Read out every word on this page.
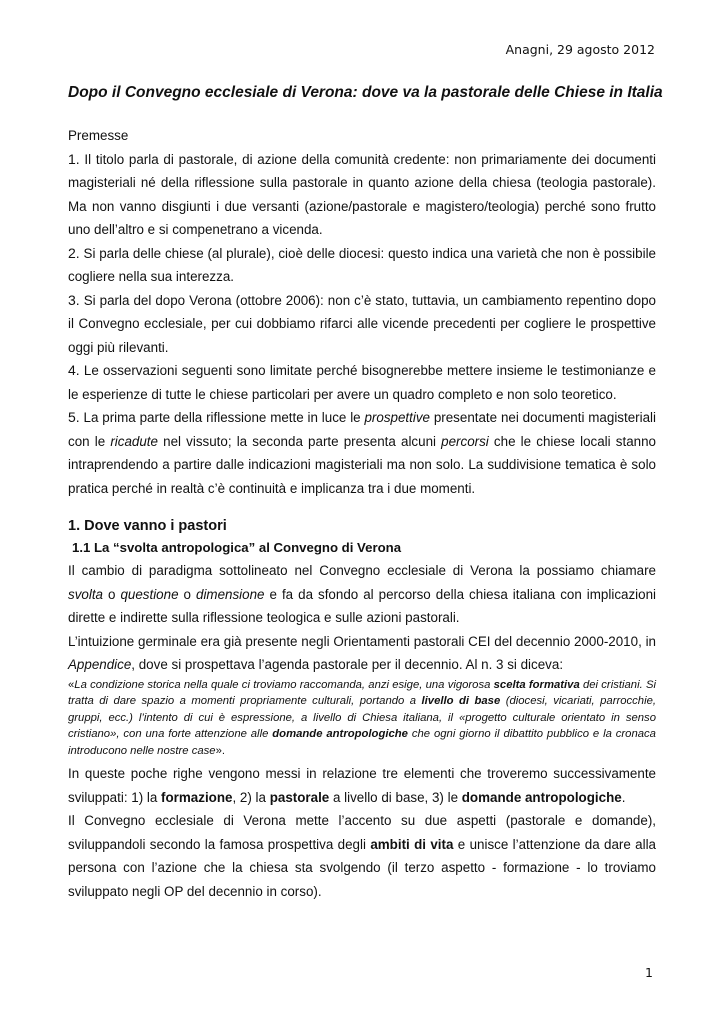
Anagni, 29 agosto 2012
Dopo il Convegno ecclesiale di Verona: dove va la pastorale delle Chiese in Italia
Premesse

1. Il titolo parla di pastorale, di azione della comunità credente: non primariamente dei documenti magisteriali né della riflessione sulla pastorale in quanto azione della chiesa (teologia pastorale). Ma non vanno disgiunti i due versanti (azione/pastorale e magistero/teologia) perché sono frutto uno dell’altro e si compenetrano a vicenda.

2. Si parla delle chiese (al plurale), cioè delle diocesi: questo indica una varietà che non è possibile cogliere nella sua interezza.

3. Si parla del dopo Verona (ottobre 2006): non c’è stato, tuttavia, un cambiamento repentino dopo il Convegno ecclesiale, per cui dobbiamo rifarci alle vicende precedenti per cogliere le prospettive oggi più rilevanti.

4. Le osservazioni seguenti sono limitate perché bisognerebbe mettere insieme le testimonianze e le esperienze di tutte le chiese particolari per avere un quadro completo e non solo teoretico.

5. La prima parte della riflessione mette in luce le prospettive presentate nei documenti magisteriali con le ricadute nel vissuto; la seconda parte presenta alcuni percorsi che le chiese locali stanno intraprendendo a partire dalle indicazioni magisteriali ma non solo. La suddivisione tematica è solo pratica perché in realtà c’è continuità e implicanza tra i due momenti.

1. Dove vanno i pastori
1.1 La “svolta antropologica” al Convegno di Verona

Il cambio di paradigma sottolineato nel Convegno ecclesiale di Verona la possiamo chiamare svolta o questione o dimensione e fa da sfondo al percorso della chiesa italiana con implicazioni dirette e indirette sulla riflessione teologica e sulle azioni pastorali.

L’intuizione germinale era già presente negli Orientamenti pastorali CEI del decennio 2000-2010, in Appendice, dove si prospettava l’agenda pastorale per il decennio. Al n. 3 si diceva:

«La condizione storica nella quale ci troviamo raccomanda, anzi esige, una vigorosa scelta formativa dei cristiani. Si tratta di dare spazio a momenti propriamente culturali, portando a livello di base (diocesi, vicariati, parrocchie, gruppi, ecc.) l’intento di cui è espressione, a livello di Chiesa italiana, il «progetto culturale orientato in senso cristiano», con una forte attenzione alle domande antropologiche che ogni giorno il dibattito pubblico e la cronaca introducono nelle nostre case».

In queste poche righe vengono messi in relazione tre elementi che troveremo successivamente sviluppati: 1) la formazione, 2) la pastorale a livello di base, 3) le domande antropologiche.

Il Convegno ecclesiale di Verona mette l’accento su due aspetti (pastorale e domande), sviluppandoli secondo la famosa prospettiva degli ambiti di vita e unisce l’attenzione da dare alla persona con l’azione che la chiesa sta svolgendo (il terzo aspetto - formazione - lo troviamo sviluppato negli OP del decennio in corso).

1
